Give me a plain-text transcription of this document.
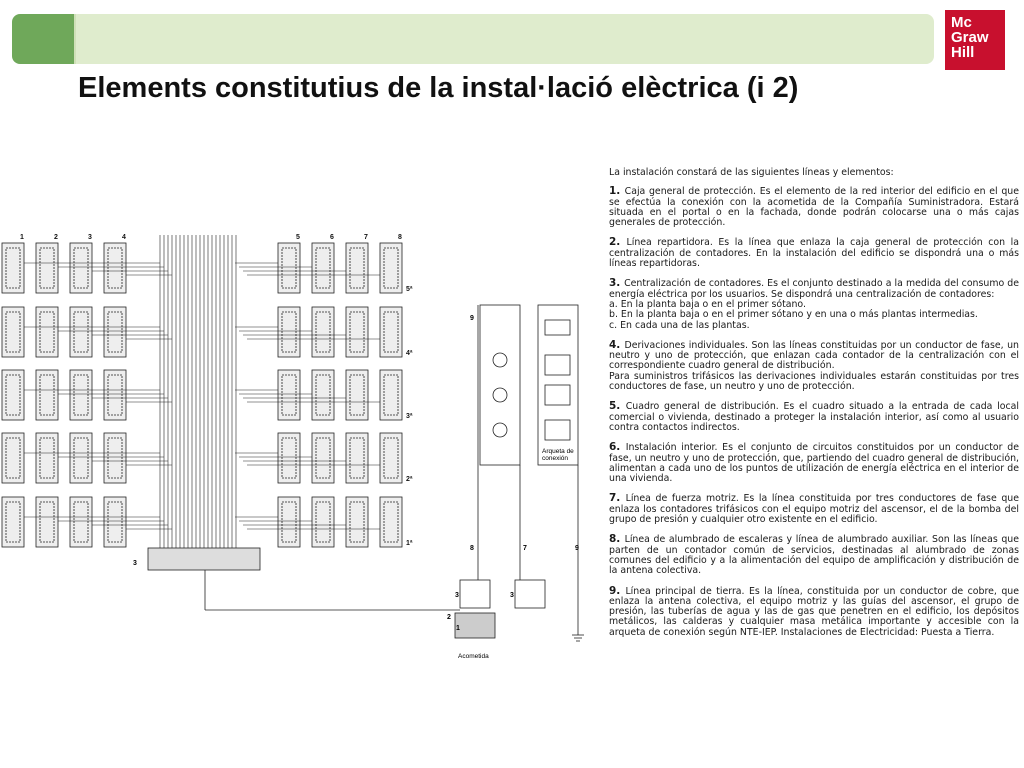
Mc
Graw
Hill
Elements constitutius de la instal·lació elèctrica (i 2)
1	2	3	4	5	6	7	8
5ª
4ª
3ª
2ª
1ª
9
8	7	9
3	3
2
1
3
Arqueta de
conexión
Acometida

La instalación constará de las siguientes líneas y elementos:

1. Caja general de protección. Es el elemento de la red interior del edificio en el que se efectúa la conexión con la acometida de la Compañía Suministradora. Estará situada en el portal o en la fachada, donde podrán colocarse una o más cajas generales de protección.

2. Línea repartidora. Es la línea que enlaza la caja general de protección con la centralización de contadores. En la instalación del edificio se dispondrá una o más líneas repartidoras.

3. Centralización de contadores. Es el conjunto destinado a la medida del consumo de energía eléctrica por los usuarios. Se dispondrá una centralización de contadores:
a. En la planta baja o en el primer sótano.
b. En la planta baja o en el primer sótano y en una o más plantas intermedias.
c. En cada una de las plantas.

4. Derivaciones individuales. Son las líneas constituidas por un conductor de fase, un neutro y uno de protección, que enlazan cada contador de la centralización con el correspondiente cuadro general de distribución.
Para suministros trifásicos las derivaciones individuales estarán constituidas por tres conductores de fase, un neutro y uno de protección.

5. Cuadro general de distribución. Es el cuadro situado a la entrada de cada local comercial o vivienda, destinado a proteger la instalación interior, así como al usuario contra contactos indirectos.

6. Instalación interior. Es el conjunto de circuitos constituidos por un conductor de fase, un neutro y uno de protección, que, partiendo del cuadro general de distribución, alimentan a cada uno de los puntos de utilización de energía eléctrica en el interior de una vivienda.

7. Línea de fuerza motriz. Es la línea constituida por tres conductores de fase que enlaza los contadores trifásicos con el equipo motriz del ascensor, el de la bomba del grupo de presión y cualquier otro existente en el edificio.

8. Línea de alumbrado de escaleras y línea de alumbrado auxiliar. Son las líneas que parten de un contador común de servicios, destinadas al alumbrado de zonas comunes del edificio y a la alimentación del equipo de amplificación y distribución de la antena colectiva.

9. Línea principal de tierra. Es la línea, constituida por un conductor de cobre, que enlaza la antena colectiva, el equipo motriz y las guías del ascensor, el grupo de presión, las tuberías de agua y las de gas que penetren en el edificio, los depósitos metálicos, las calderas y cualquier masa metálica importante y accesible con la arqueta de conexión según NTE-IEP. Instalaciones de Electricidad: Puesta a Tierra.
